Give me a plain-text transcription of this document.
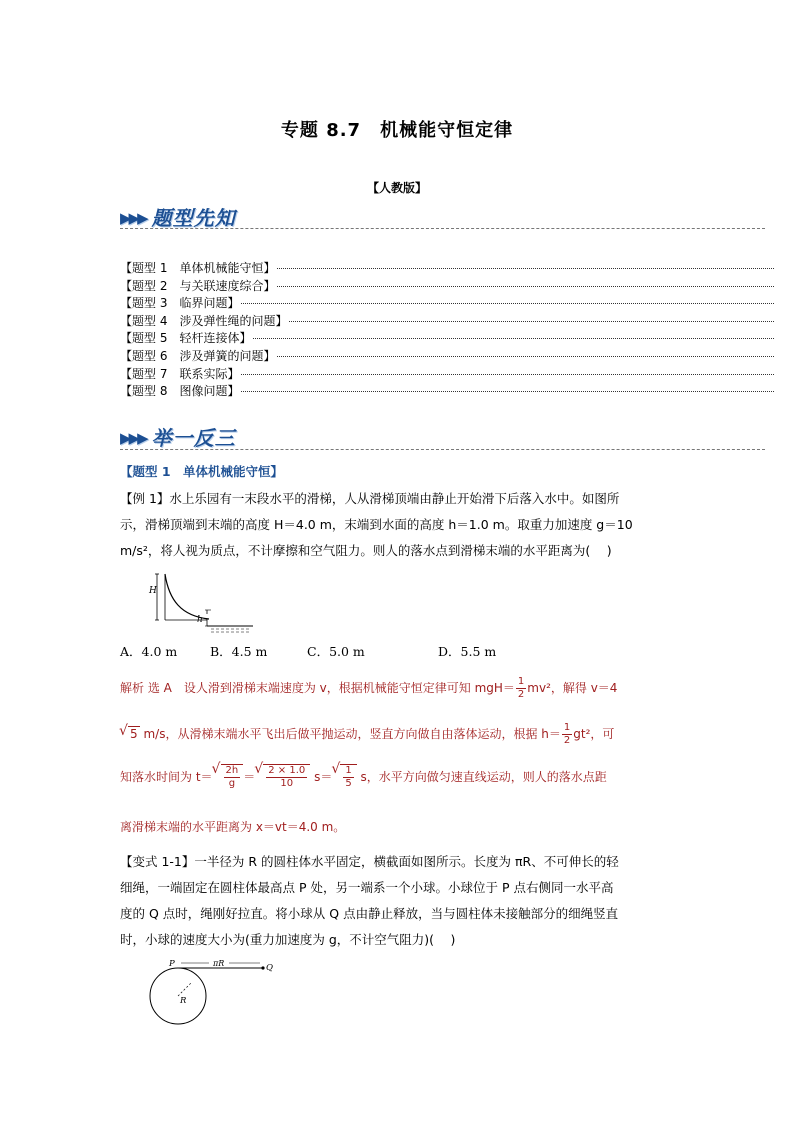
专题 8.7　机械能守恒定律
【人教版】
▶▶▶ 题型先知
【题型 1　单体机械能守恒】
【题型 2　与关联速度综合】
【题型 3　临界问题】
【题型 4　涉及弹性绳的问题】
【题型 5　轻杆连接体】
【题型 6　涉及弹簧的问题】
【题型 7　联系实际】
【题型 8　图像问题】
▶▶▶ 举一反三
【题型 1　单体机械能守恒】
【例 1】水上乐园有一末段水平的滑梯，人从滑梯顶端由静止开始滑下后落入水中。如图所
示，滑梯顶端到末端的高度 H＝4.0 m，末端到水面的高度 h＝1.0 m。取重力加速度 g＝10
m/s²，将人视为质点，不计摩擦和空气阻力。则人的落水点到滑梯末端的水平距离为(　 )
H
h
A．4.0 m	B．4.5 m	C．5.0 m	D．5.5 m
解析 选 A　设人滑到滑梯末端速度为 v，根据机械能守恒定律可知 $mgH= \frac{1}{2} mv^2$，解得 v＝4
√ 5 m/s，从滑梯末端水平飞出后做平抛运动，竖直方向做自由落体运动，根据 $h= \frac{1}{2} gt^2$，可
知落水时间为 t＝ √ $\frac{2h}{g}$ ＝ √ $\frac{2 \times 1.0}{10} s=$ √ $\frac{1}{5}$ s，水平方向做匀速直线运动，则人的落水点距
离滑梯末端的水平距离为 x＝vt＝4.0 m。
【变式 1-1】一半径为 R 的圆柱体水平固定，横截面如图所示。长度为 πR、不可伸长的轻
细绳，一端固定在圆柱体最高点 P 处，另一端系一个小球。小球位于 P 点右侧同一水平高
度的 Q 点时，绳刚好拉直。将小球从 Q 点由静止释放，当与圆柱体未接触部分的细绳竖直
时，小球的速度大小为(重力加速度为 g，不计空气阻力)(　 )
P	Q
πR
R
